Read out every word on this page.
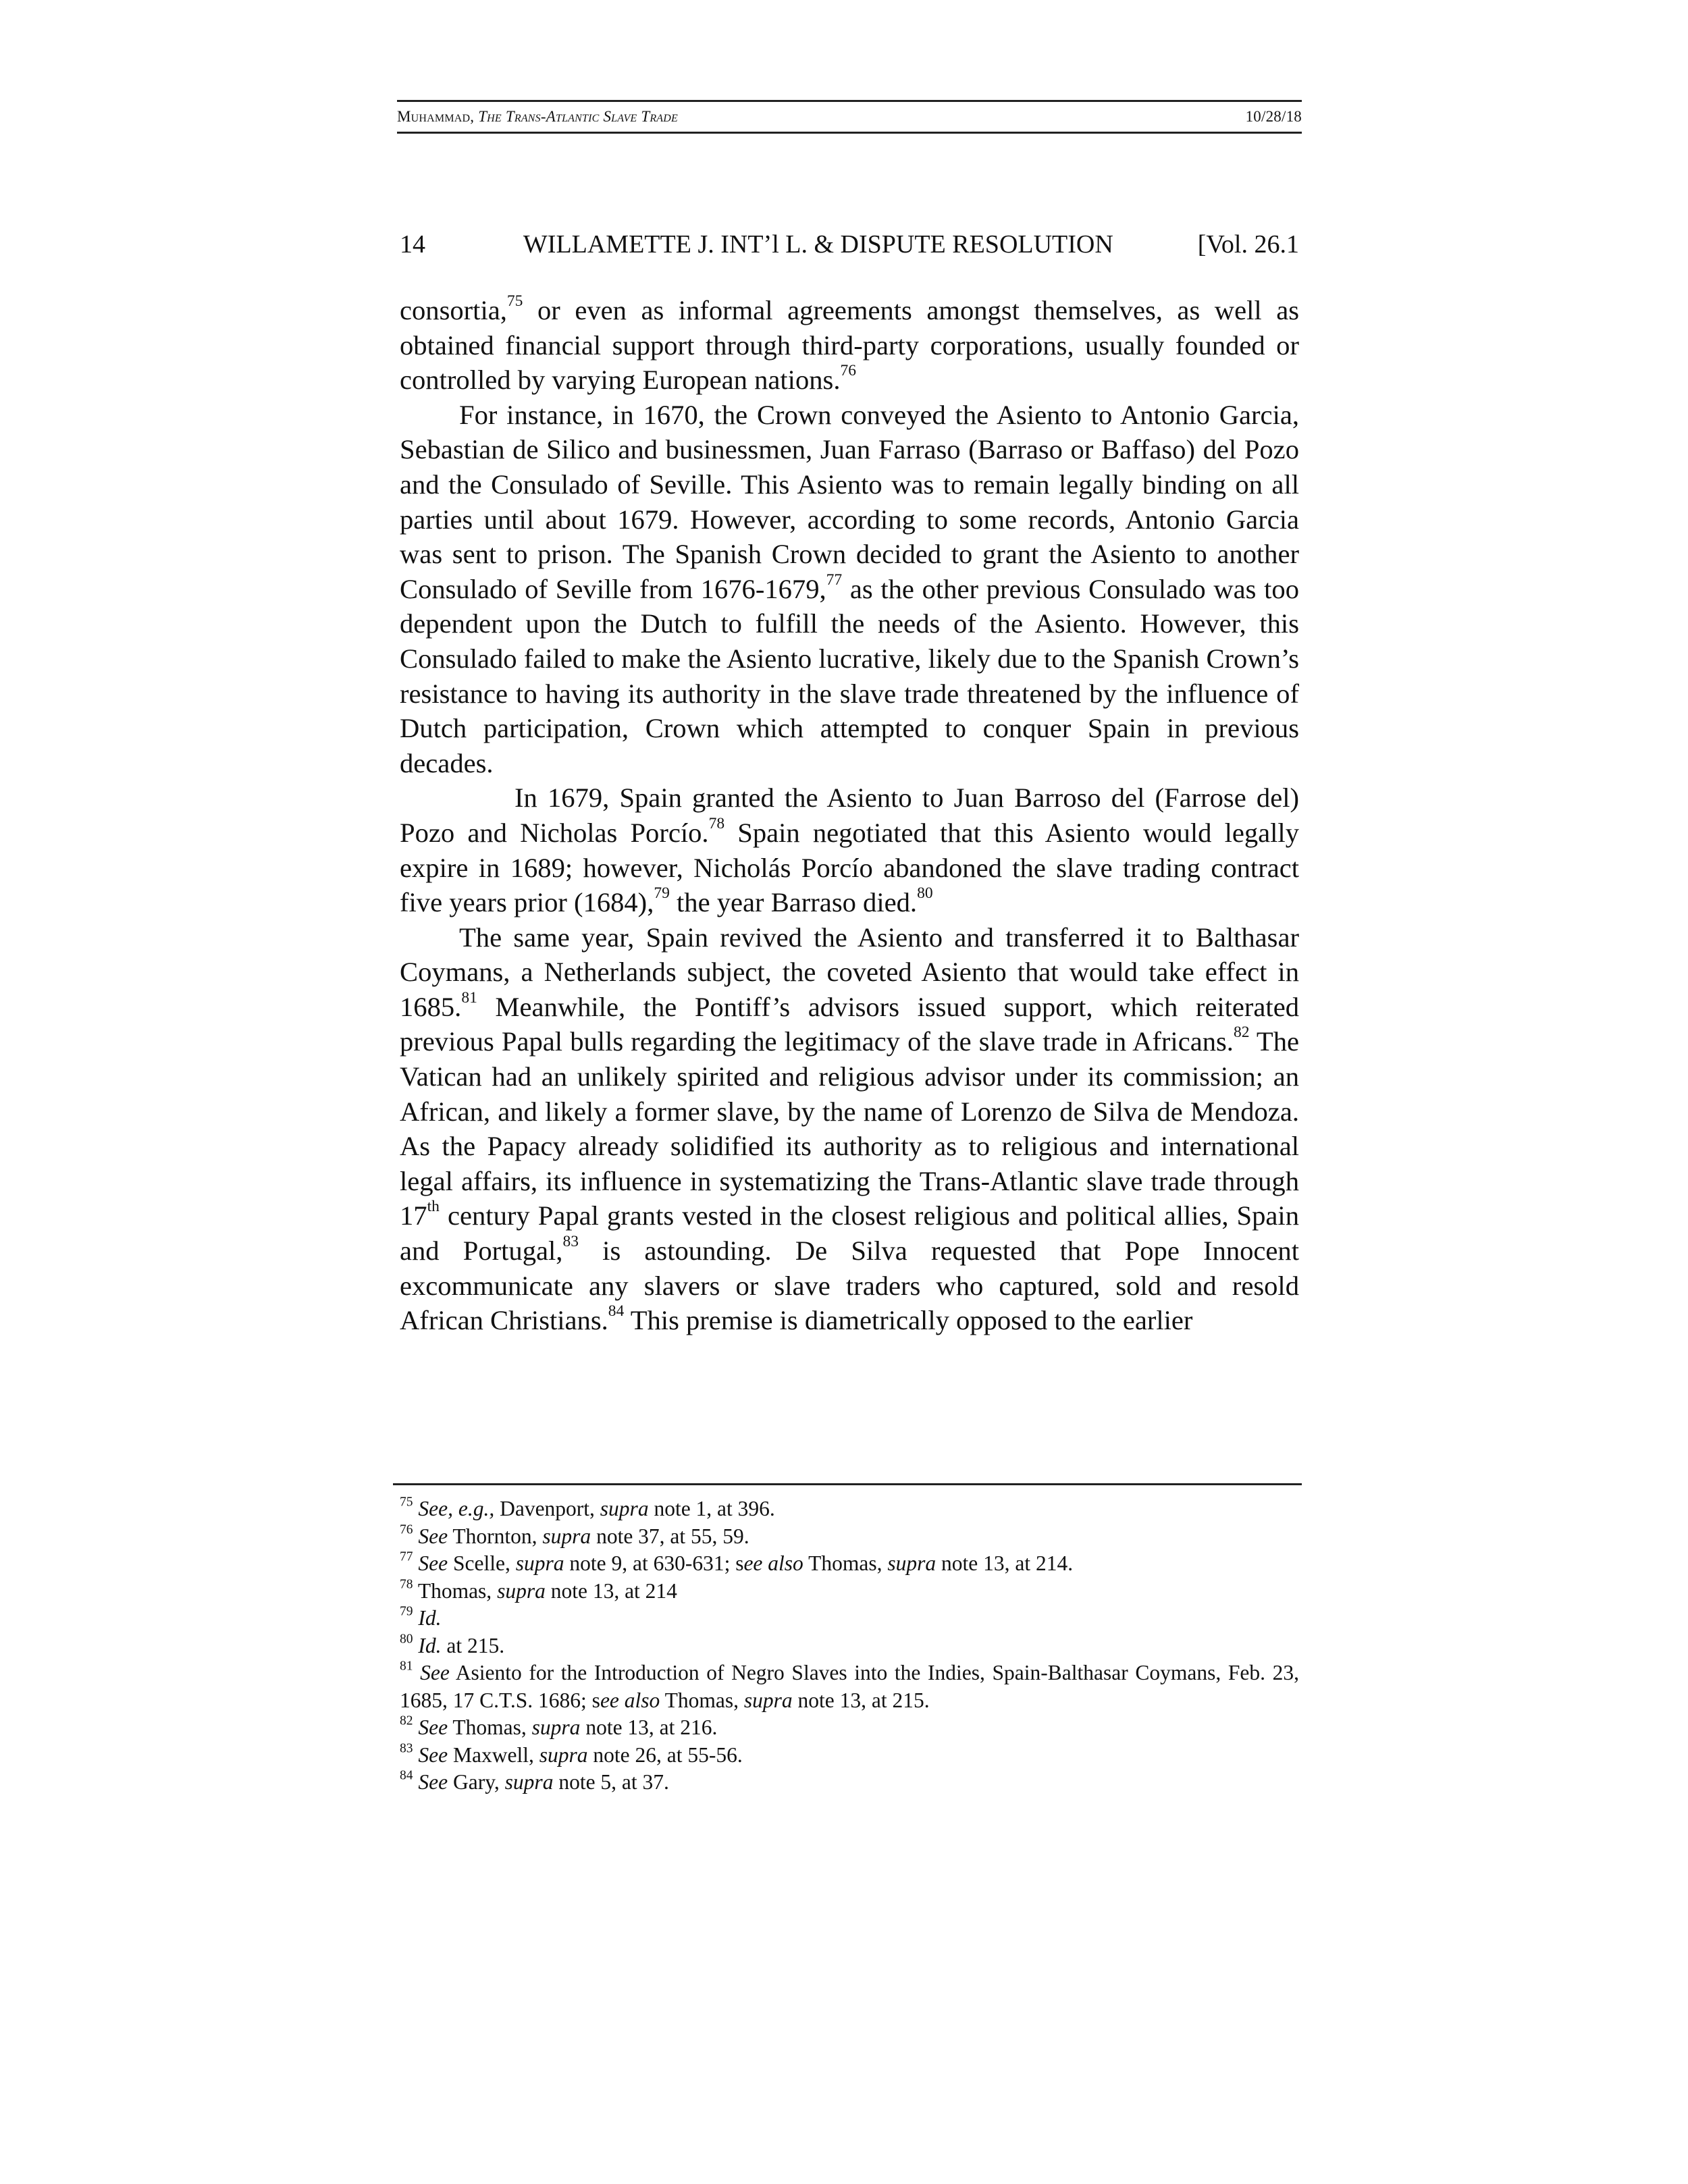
Muhammad, The Trans-Atlantic Slave Trade	10/28/18
14	WILLAMETTE J. INT’l L. & DISPUTE RESOLUTION	[Vol. 26.1

consortia,$^{75}$ or even as informal agreements amongst themselves, as well as obtained financial support through third-party corporations, usually founded or controlled by varying European nations.$^{76}$

For instance, in 1670, the Crown conveyed the Asiento to Antonio Garcia, Sebastian de Silico and businessmen, Juan Farraso (Barraso or Baffaso) del Pozo and the Consulado of Seville. This Asiento was to remain legally binding on all parties until about 1679. However, according to some records, Antonio Garcia was sent to prison. The Spanish Crown decided to grant the Asiento to another Consulado of Seville from 1676-1679,77 as the other previous Consulado was too dependent upon the Dutch to fulfill the needs of the Asiento. However, this Consulado failed to make the Asiento lucrative, likely due to the Spanish Crown’s resistance to having its authority in the slave trade threatened by the influence of Dutch participation, Crown which attempted to conquer Spain in previous decades.

In 1679, Spain granted the Asiento to Juan Barroso del (Farrose del) Pozo and Nicholas Porcío.$^{78}$ Spain negotiated that this Asiento would legally expire in 1689; however, Nicholás Porcío abandoned the slave trading contract five years prior (1684),$^{79}$ the year Barraso died.$^{80}$

The same year, Spain revived the Asiento and transferred it to Balthasar Coymans, a Netherlands subject, the coveted Asiento that would take effect in 1685.81 Meanwhile, the Pontiff’s advisors issued support, which reiterated previous Papal bulls regarding the legitimacy of the slave trade in Africans.$^{82}$ The Vatican had an unlikely spirited and religious advisor under its commission; an African, and likely a former slave, by the name of Lorenzo de Silva de Mendoza. As the Papacy already solidified its authority as to religious and international legal affairs, its influence in systematizing the Trans-Atlantic slave trade through 17th century Papal grants vested in the closest religious and political allies, Spain and Portugal,$^{83}$ is astounding. De Silva requested that Pope Innocent excommunicate any slavers or slave traders who captured, sold and resold African Christians.$^{84}$ This premise is diametrically opposed to the earlier

$^{75}$ See, e.g., Davenport, supra note 1, at 396.

$^{76}$ See Thornton, supra note 37, at 55, 59.

$^{77}$ See Scelle, supra note 9, at 630-631; see also Thomas, supra note 13, at 214.

$^{78}$ Thomas, supra note 13, at 214

$^{79}$ Id.

$^{80}$ Id. at 215.

$^{81}$ See Asiento for the Introduction of Negro Slaves into the Indies, Spain-Balthasar Coymans, Feb. 23, 1685, 17 C.T.S. 1686; see also Thomas, supra note 13, at 215.

$^{82}$ See Thomas, supra note 13, at 216.

$^{83}$ See Maxwell, supra note 26, at 55-56.

$^{84}$ See Gary, supra note 5, at 37.
